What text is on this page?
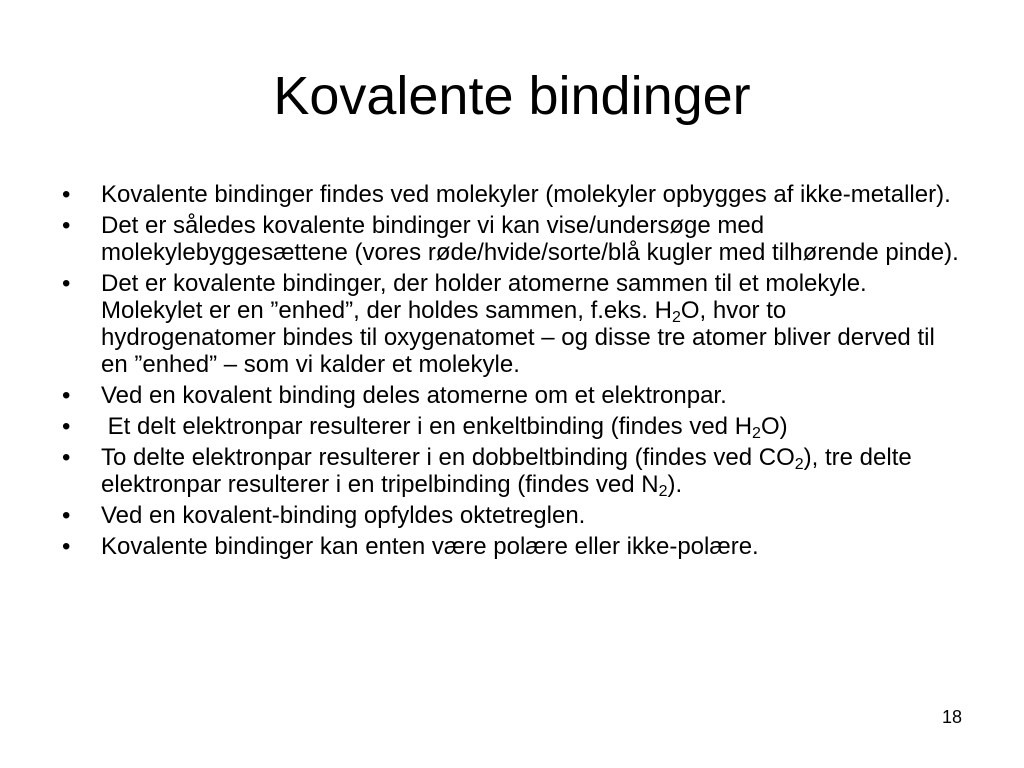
Kovalente bindinger
•	Kovalente bindinger findes ved molekyler (molekyler opbygges af ikke-metaller).
•	Det er således kovalente bindinger vi kan vise/undersøge med molekylebyggesættene (vores røde/hvide/sorte/blå kugler med tilhørende pinde).
•	Det er kovalente bindinger, der holder atomerne sammen til et molekyle. Molekylet er en ”enhed”, der holdes sammen, f.eks. $H_2O$, hvor to hydrogenatomer bindes til oxygenatomet – og disse tre atomer bliver derved til en ”enhed” – som vi kalder et molekyle.
•	Ved en kovalent binding deles atomerne om et elektronpar.
•	Et delt elektronpar resulterer i en enkeltbinding (findes ved $H_2O$)
•	To delte elektronpar resulterer i en dobbeltbinding (findes ved $CO_2$), tre delte elektronpar resulterer i en tripelbinding (findes ved $N_2$).
•	Ved en kovalent-binding opfyldes oktetreglen.
•	Kovalente bindinger kan enten være polære eller ikke-polære.
18
